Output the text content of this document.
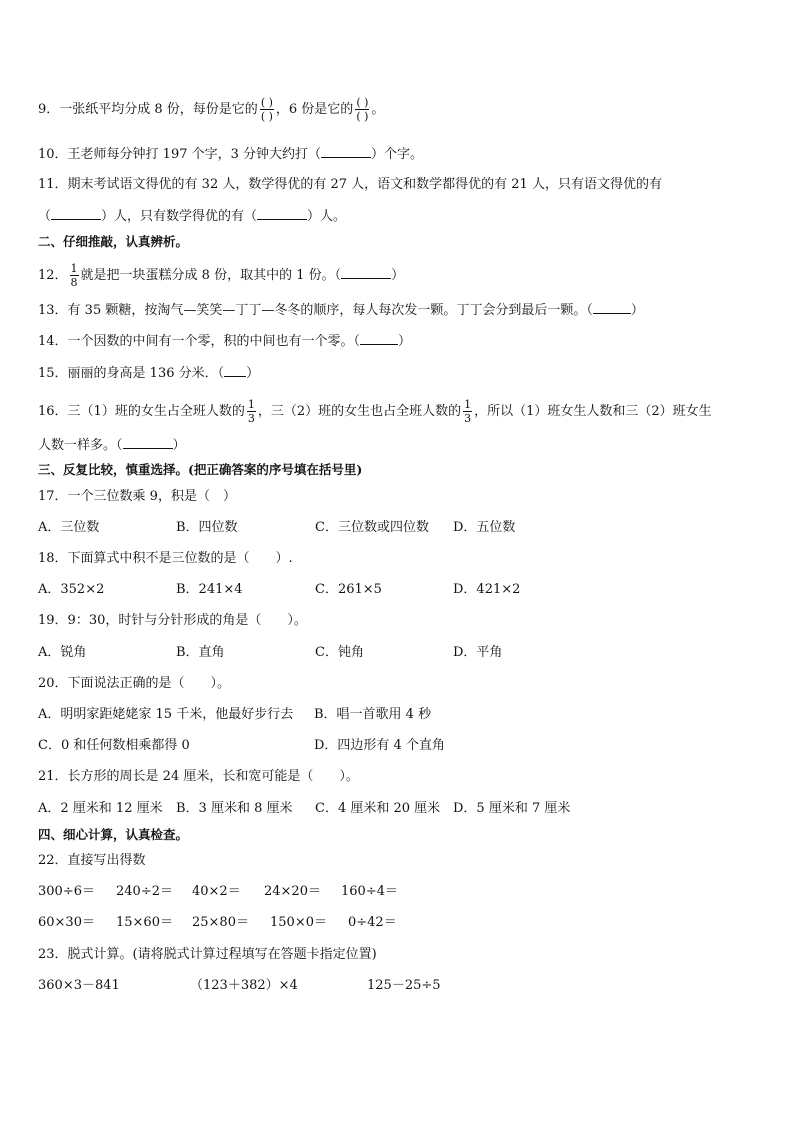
9．一张纸平均分成 8 份，每份是它的 $\frac{( )}{( )}$ ，6 份是它的 $\frac{( )}{( )}$ 。
10．王老师每分钟打 197 个字，3 分钟大约打（	）个字。
11．期末考试语文得优的有 32 人，数学得优的有 27 人，语文和数学都得优的有 21 人，只有语文得优的有
（	）人，只有数学得优的有（	）人。
二、仔细推敲，认真辨析。
12． $\frac{1}{8}$ 就是把一块蛋糕分成 8 份，取其中的 1 份。（	）
13．有 35 颗糖，按淘气—笑笑—丁丁—冬冬的顺序，每人每次发一颗。丁丁会分到最后一颗。（	）
14．一个因数的中间有一个零，积的中间也有一个零。（	）
15．丽丽的身高是 136 分米．（ ）
16．三（1）班的女生占全班人数的 $\frac{1}{3}$ ，三（2）班的女生也占全班人数的 $\frac{1}{3}$ ，所以（1）班女生人数和三（2）班女生
人数一样多。（	）
三、反复比较，慎重选择。(把正确答案的序号填在括号里)
17．一个三位数乘 9，积是（　）
A．三位数	B．四位数	C．三位数或四位数 D．五位数
18．下面算式中积不是三位数的是（　　）.
A．352×2	B．241×4	C．261×5	D．421×2
19．9：30，时针与分针形成的角是（　　）。
A．锐角	B．直角	C．钝角	D．平角
20．下面说法正确的是（　　）。
A．明明家距姥姥家 15 千米，他最好步行去 B．唱一首歌用 4 秒
C．0 和任何数相乘都得 0	D．四边形有 4 个直角
21．长方形的周长是 24 厘米，长和宽可能是（　　）。
A．2 厘米和 12 厘米 B．3 厘米和 8 厘米 C．4 厘米和 20 厘米 D．5 厘米和 7 厘米
四、细心计算，认真检查。
22．直接写出得数
300÷6＝ 240÷2＝ 40×2＝ 24×20＝ 160÷4＝
60×30＝ 15×60＝ 25×80＝ 150×0＝ 0÷42＝
23．脱式计算。(请将脱式计算过程填写在答题卡指定位置)
360×3－841	（123＋382）×4	125－25÷5
